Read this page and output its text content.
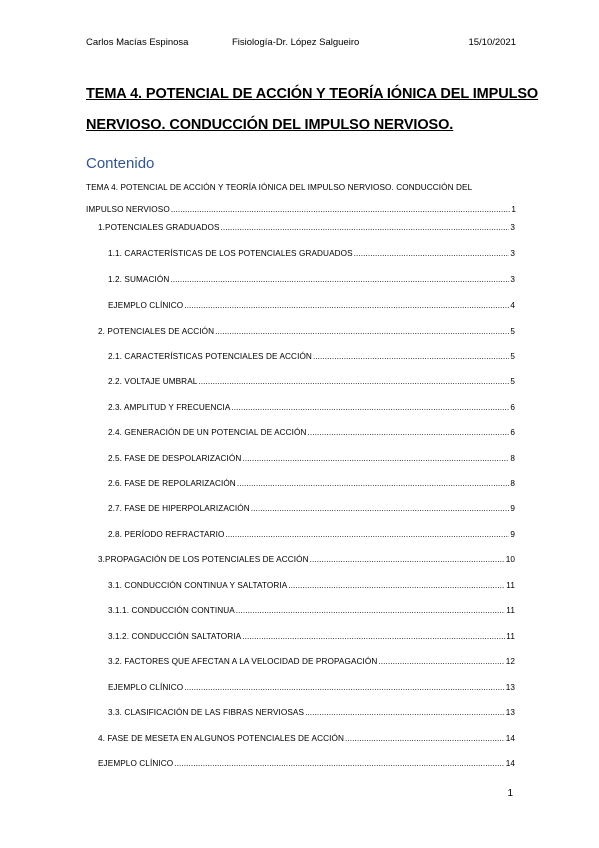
Carlos Macías Espinosa	Fisiología-Dr. López Salgueiro	15/10/2021
TEMA 4. POTENCIAL DE ACCIÓN Y TEORÍA IÓNICA DEL IMPULSO
NERVIOSO. CONDUCCIÓN DEL IMPULSO NERVIOSO.
Contenido
TEMA 4. POTENCIAL DE ACCIÓN Y TEORÍA IÓNICA DEL IMPULSO NERVIOSO. CONDUCCIÓN DEL
IMPULSO NERVIOSO .....	1
1.POTENCIALES GRADUADOS .....	3
1.1. CARACTERÍSTICAS DE LOS POTENCIALES GRADUADOS .....	3
1.2. SUMACIÓN .....	3
EJEMPLO CLÍNICO .....	4
2. POTENCIALES DE ACCIÓN .....	5
2.1. CARACTERÍSTICAS POTENCIALES DE ACCIÓN .....	5
2.2. VOLTAJE UMBRAL .....	5
2.3. AMPLITUD Y FRECUENCIA .....	6
2.4. GENERACIÓN DE UN POTENCIAL DE ACCIÓN .....	6
2.5. FASE DE DESPOLARIZACIÓN .....	8
2.6. FASE DE REPOLARIZACIÓN .....	8
2.7. FASE DE HIPERPOLARIZACIÓN .....	9
2.8. PERÍODO REFRACTARIO .....	9
3.PROPAGACIÓN DE LOS POTENCIALES DE ACCIÓN .....	10
3.1. CONDUCCIÓN CONTINUA Y SALTATORIA .....	11
3.1.1. CONDUCCIÓN CONTINUA .....	11
3.1.2. CONDUCCIÓN SALTATORIA .....	11
3.2. FACTORES QUE AFECTAN A LA VELOCIDAD DE PROPAGACIÓN .....	12
EJEMPLO CLÍNICO .....	13
3.3. CLASIFICACIÓN DE LAS FIBRAS NERVIOSAS .....	13
4. FASE DE MESETA EN ALGUNOS POTENCIALES DE ACCIÓN .....	14
EJEMPLO CLÍNICO .....	14
1
